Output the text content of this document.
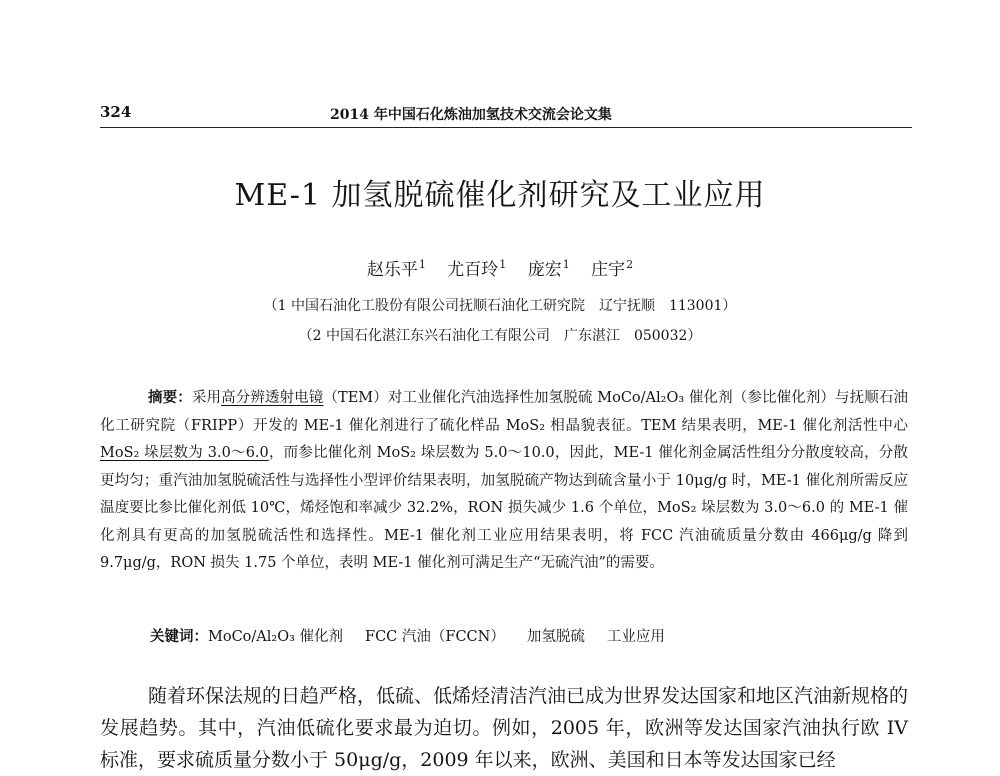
324	2014 年中国石化炼油加氢技术交流会论文集
ME-1 加氢脱硫催化剂研究及工业应用
赵乐平$^1$ 尤百玲$^1$ 庞宏$^1$ 庄宇$^2$
（1 中国石油化工股份有限公司抚顺石油化工研究院　辽宁抚顺　113001）
（2 中国石化湛江东兴石油化工有限公司　广东湛江　050032）
摘要：采用高分辨透射电镜（TEM）对工业催化汽油选择性加氢脱硫 MoCo/Al₂O₃ 催化剂（参比催化剂）与抚顺石油化工研究院（FRIPP）开发的 ME-1 催化剂进行了硫化样品 MoS₂ 相晶貌表征。TEM 结果表明，ME-1 催化剂活性中心 MoS₂ 垛层数为 3.0～6.0，而参比催化剂 MoS₂ 垛层数为 5.0～10.0，因此，ME-1 催化剂金属活性组分分散度较高，分散更均匀；重汽油加氢脱硫活性与选择性小型评价结果表明，加氢脱硫产物达到硫含量小于 10μg/g 时，ME-1 催化剂所需反应温度要比参比催化剂低 10℃，烯烃饱和率减少 32.2%，RON 损失减少 1.6 个单位，MoS₂ 垛层数为 3.0～6.0 的 ME-1 催化剂具有更高的加氢脱硫活性和选择性。ME-1 催化剂工业应用结果表明，将 FCC 汽油硫质量分数由 466μg/g 降到 9.7μg/g，RON 损失 1.75 个单位，表明 ME-1 催化剂可满足生产“无硫汽油”的需要。
关键词：MoCo/Al₂O₃ 催化剂 FCC 汽油（FCCN） 加氢脱硫 工业应用
随着环保法规的日趋严格，低硫、低烯烃清洁汽油已成为世界发达国家和地区汽油新规格的发展趋势。其中，汽油低硫化要求最为迫切。例如，2005 年，欧洲等发达国家汽油执行欧 IV 标准，要求硫质量分数小于 50μg/g，2009 年以来，欧洲、美国和日本等发达国家已经
